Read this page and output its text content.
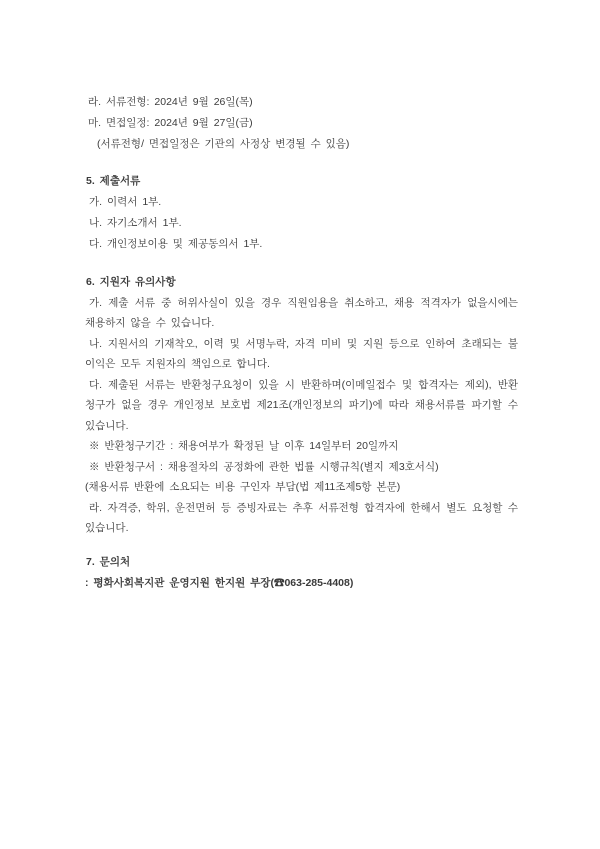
라. 서류전형: 2024년 9월 26일(목)
마. 면접일정: 2024년 9월 27일(금)
(서류전형/ 면접일정은 기관의 사정상 변경될 수 있음)
5. 제출서류
가. 이력서 1부.
나. 자기소개서 1부.
다. 개인정보이용 및 제공동의서 1부.
6. 지원자 유의사항
가. 제출 서류 중 허위사실이 있을 경우 직원임용을 취소하고, 채용 적격자가 없을시에는
채용하지 않을 수 있습니다.
나. 지원서의 기재착오, 이력 및 서명누락, 자격 미비 및 지원 등으로 인하여 초래되는 불
이익은 모두 지원자의 책임으로 합니다.
다. 제출된 서류는 반환청구요청이 있을 시 반환하며(이메일접수 및 합격자는 제외), 반환
청구가 없을 경우 개인정보 보호법 제21조(개인정보의 파기)에 따라 채용서류를 파기할 수
있습니다.
※ 반환청구기간 : 채용여부가 확정된 날 이후 14일부터 20일까지
※ 반환청구서 : 채용절차의 공정화에 관한 법률 시행규칙(별지 제3호서식)
(채용서류 반환에 소요되는 비용 구인자 부담(법 제11조제5항 본문)
라. 자격증, 학위, 운전면허 등 증빙자료는 추후 서류전형 합격자에 한해서 별도 요청할 수
있습니다.
7. 문의처
: 평화사회복지관 운영지원 한지원 부장(☎063-285-4408)
